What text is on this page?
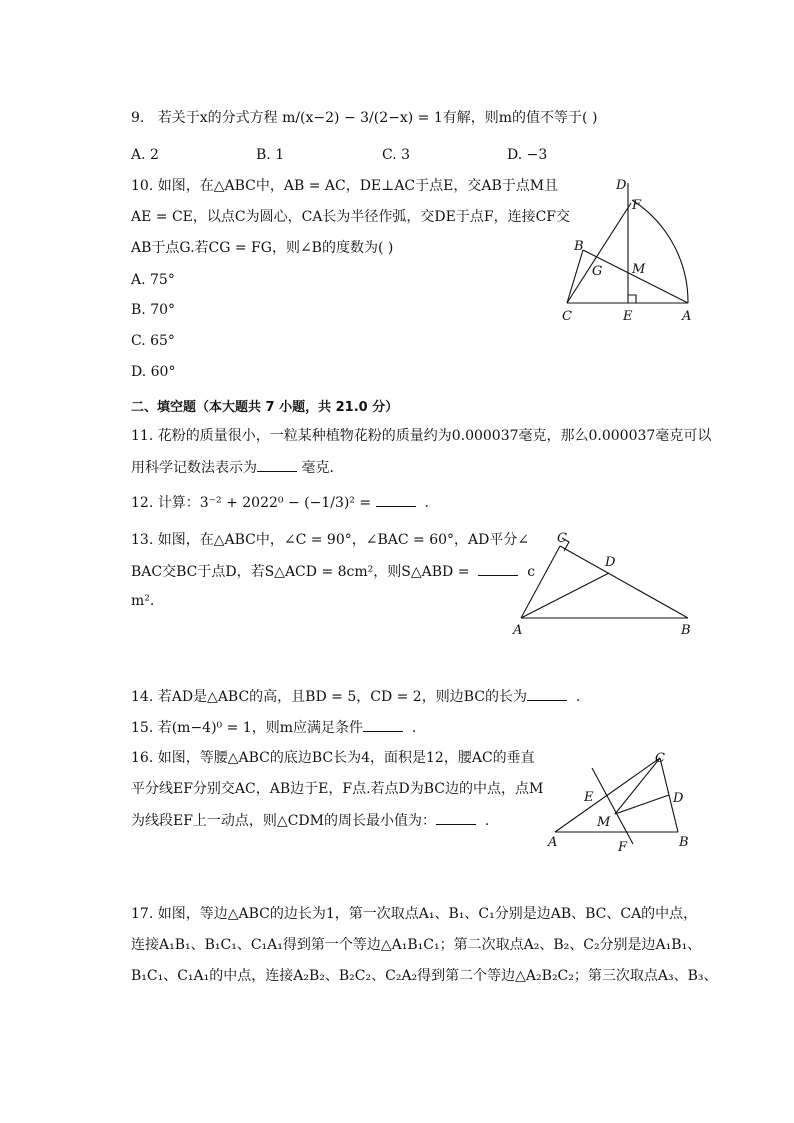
9. 若关于x的分式方程 m/(x−2) − 3/(2−x) = 1有解，则m的值不等于( )
A. 2	B. 1	C. 3	D. −3
10. 如图，在△ABC中，AB = AC，DE⊥AC于点E，交AB于点M且
AE = CE，以点C为圆心，CA长为半径作弧，交DE于点F，连接CF交
AB于点G.若CG = FG，则∠B的度数为( )
A. 75°
B. 70°
C. 65°
D. 60°
D
F
B
G M
C	E	A
二、填空题（本大题共 7 小题，共 21.0 分）
11. 花粉的质量很小，一粒某种植物花粉的质量约为0.000037毫克，那么0.000037毫克可以
用科学记数法表示为	毫克．
12. 计算：3⁻² + 2022⁰ − (−1/3)² =	.
13. 如图，在△ABC中，∠C = 90°，∠BAC = 60°，AD平分∠
BAC交BC于点D，若S△ACD = 8cm²，则S△ABD =	c
m².
C
D
A	B
14. 若AD是△ABC的高，且BD = 5，CD = 2，则边BC的长为	.
15. 若(m−4)⁰ = 1，则m应满足条件	.
16. 如图，等腰△ABC的底边BC长为4，面积是12，腰AC的垂直
平分线EF分别交AC，AB边于E，F点.若点D为BC边的中点，点M
为线段EF上一动点，则△CDM的周长最小值为：	.
C
E	D
M
A	F	B
17. 如图，等边△ABC的边长为1，第一次取点A₁、B₁、C₁分别是边AB、BC、CA的中点，
连接A₁B₁、B₁C₁、C₁A₁得到第一个等边△A₁B₁C₁；第二次取点A₂、B₂、C₂分别是边A₁B₁、
B₁C₁、C₁A₁的中点，连接A₂B₂、B₂C₂、C₂A₂得到第二个等边△A₂B₂C₂；第三次取点A₃、B₃、
